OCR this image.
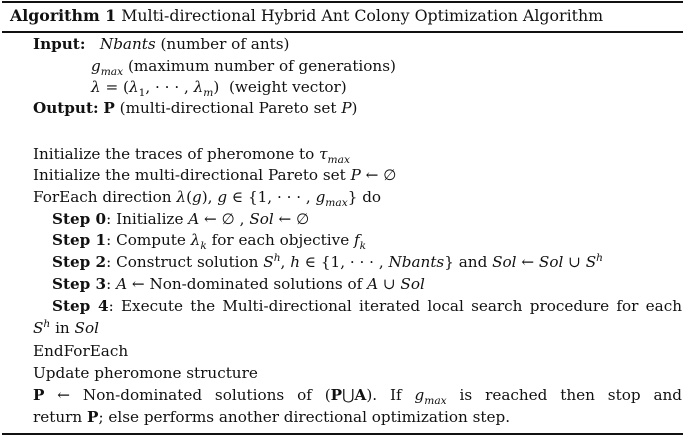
Algorithm 1 Multi-directional Hybrid Ant Colony Optimization Algorithm
Input: Nbants (number of ants)
$g_{max}$ (maximum number of generations)
$\lambda = (\lambda_1$, · · · , $\lambda_m$)  (weight vector)
Output: P (multi-directional Pareto set P)
Initialize the traces of pheromone to $\tau_{max}$
Initialize the multi-directional Pareto set P ← ∅
ForEach direction λ(g), g ∈ {1, · · · , $g_{max}$} do
Step 0: Initialize A ← ∅ , Sol ← ∅
Step 1: Compute $\lambda_k$ for each objective $f_k$
Step 2: Construct solution $S^h$, h ∈ {1, · · · , Nbants} and Sol ← Sol ∪ $S^h$
Step 3: A ← Non-dominated solutions of A ∪ Sol
Step 4: Execute the Multi-directional iterated local search procedure for each
$S^h$ in Sol
EndForEach
Update pheromone structure
P ← Non-dominated solutions of (P⋃A). If $g_{max}$ is reached then stop and
return P; else performs another directional optimization step.
